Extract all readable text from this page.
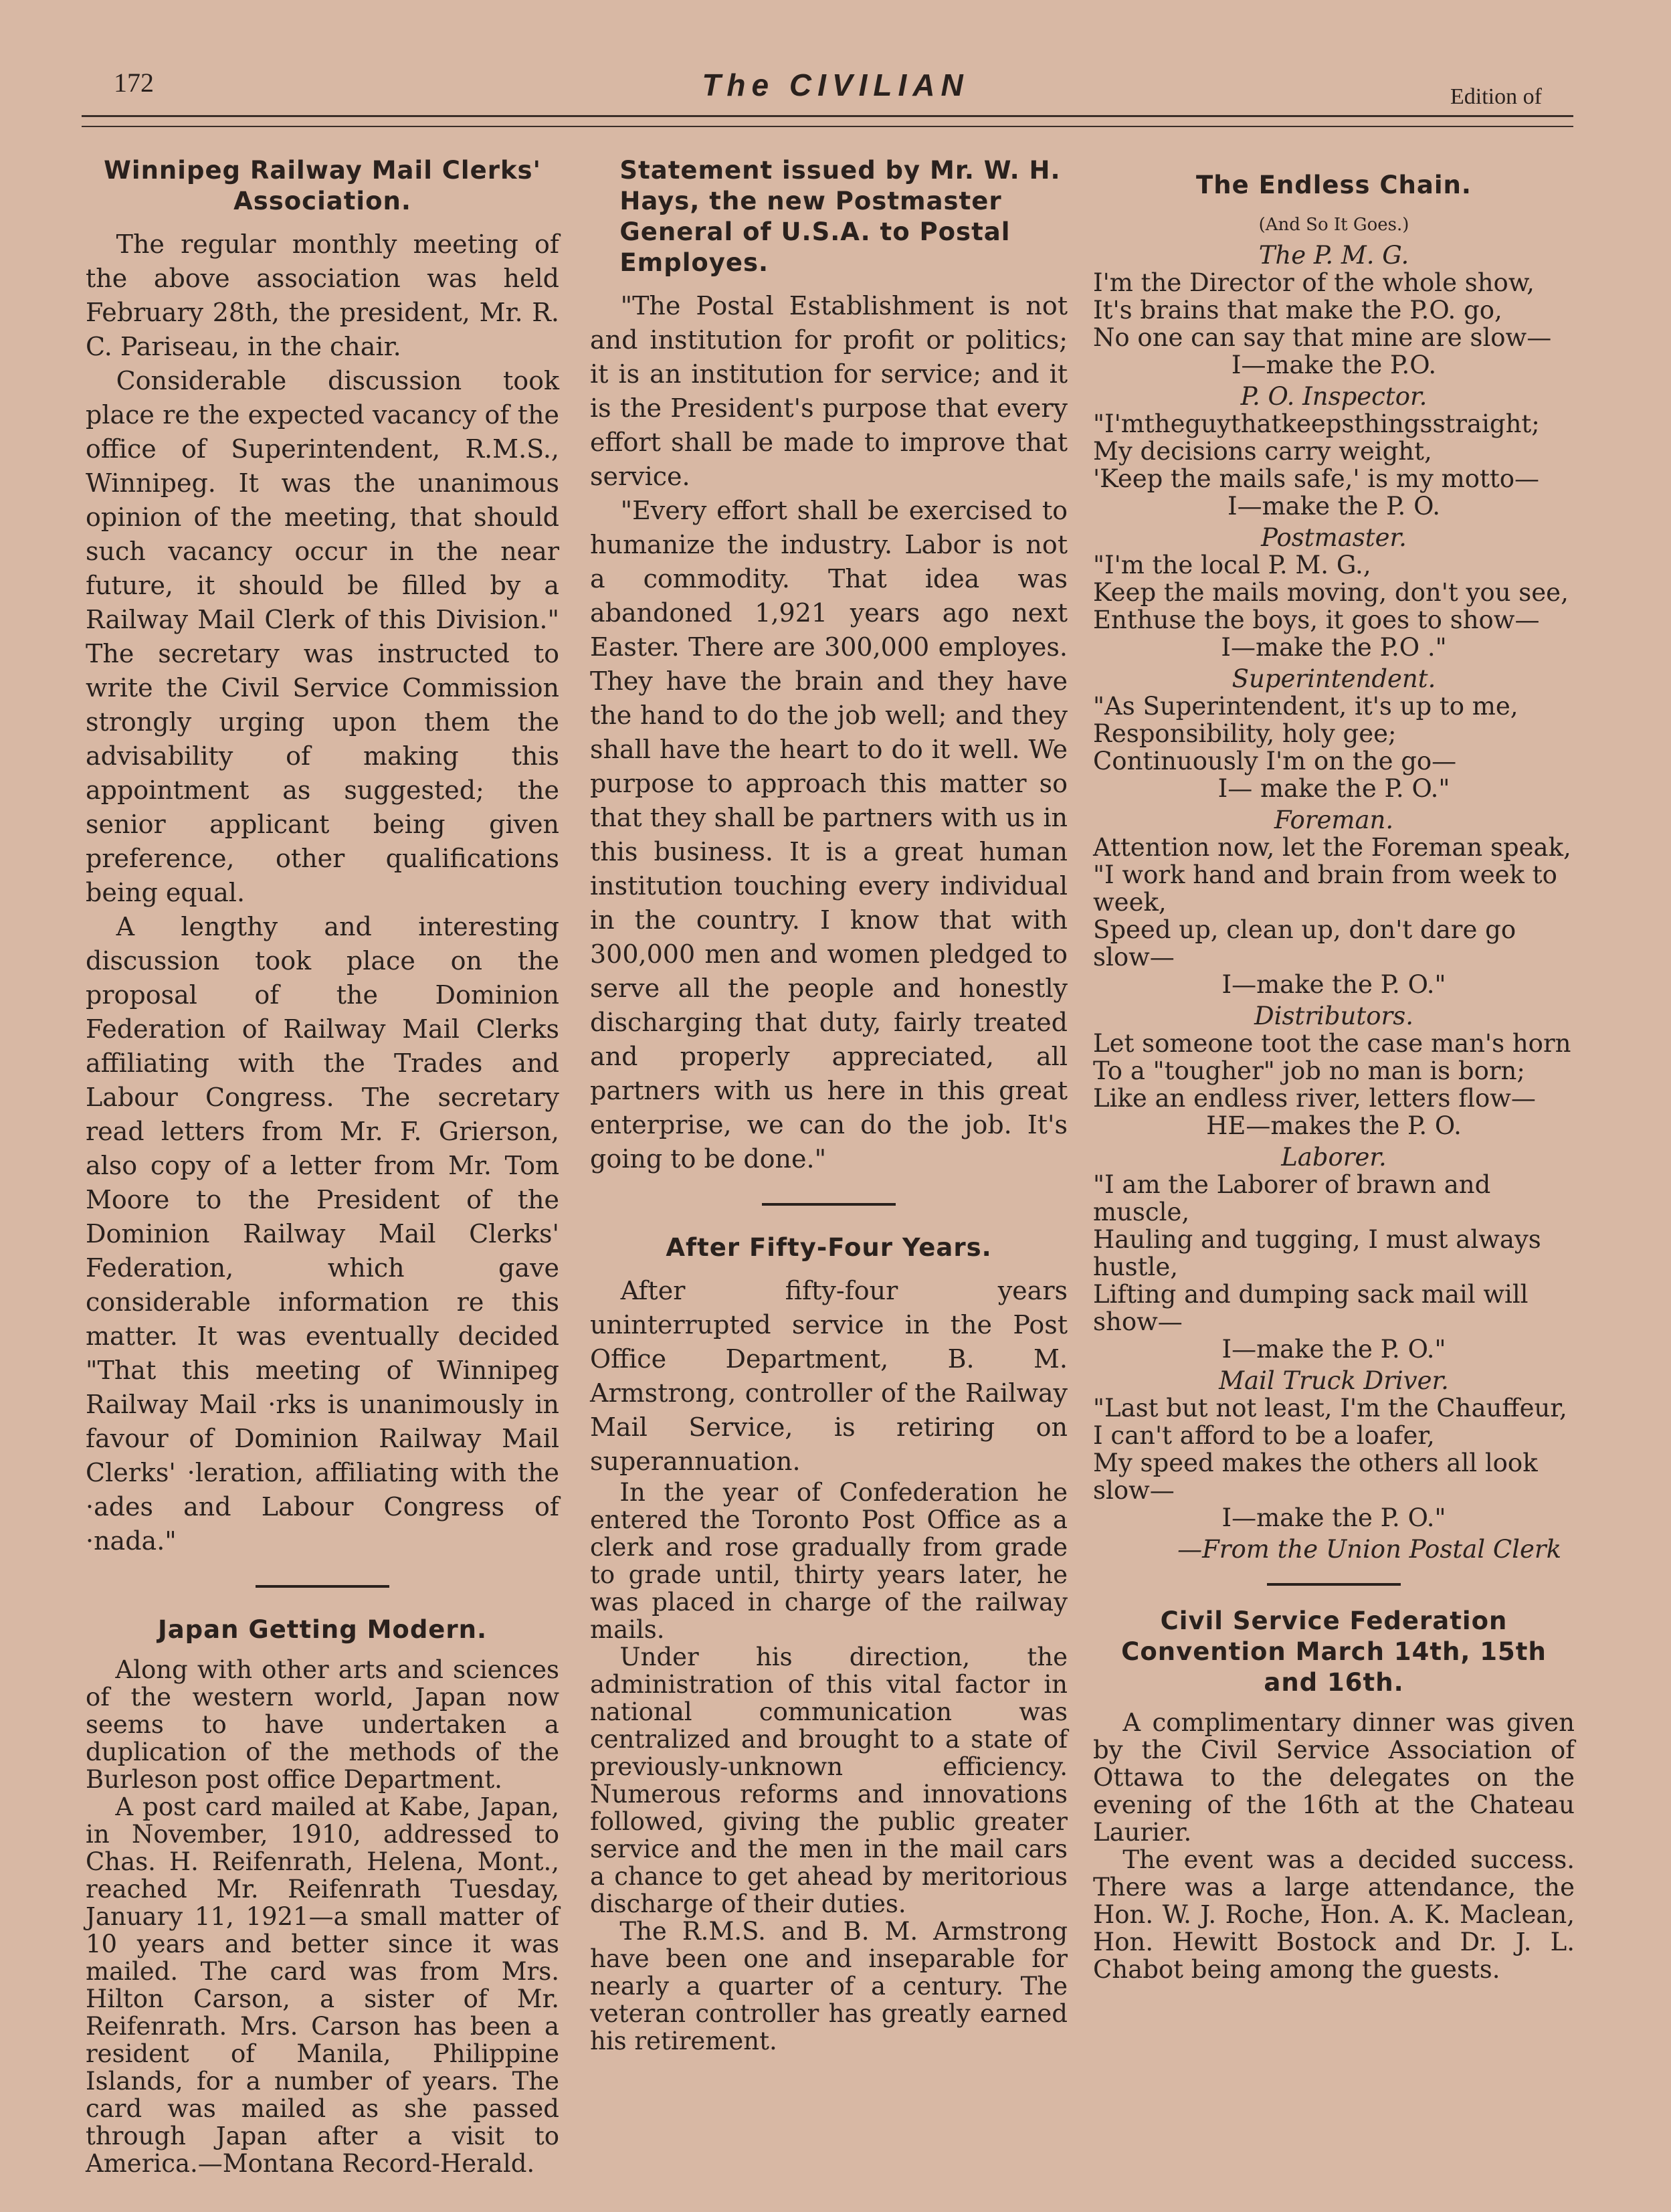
172	The CIVILIAN	Edition of
Winnipeg Railway Mail Clerks' Association.

The regular monthly meeting of the above association was held February 28th, the president, Mr. R. C. Pariseau, in the chair.

Considerable discussion took place re the expected vacancy of the office of Superintendent, R.M.S., Winnipeg. It was the unanimous opinion of the meeting, that should such vacancy occur in the near future, it should be filled by a Railway Mail Clerk of this Division." The secretary was instructed to write the Civil Service Commission strongly urging upon them the advisability of making this appointment as suggested; the senior applicant being given preference, other qualifications being equal.

A lengthy and interesting discussion took place on the proposal of the Dominion Federation of Railway Mail Clerks affiliating with the Trades and Labour Congress. The secretary read letters from Mr. F. Grierson, also copy of a letter from Mr. Tom Moore to the President of the Dominion Railway Mail Clerks' Federation, which gave considerable information re this matter. It was eventually decided "That this meeting of Winnipeg Railway Mail ·rks is unanimously in favour of Dominion Railway Mail Clerks' ·leration, affiliating with the ·ades and Labour Congress of ·nada."

Japan Getting Modern.

Along with other arts and sciences of the western world, Japan now seems to have undertaken a duplication of the methods of the Burleson post office Department.

A post card mailed at Kabe, Japan, in November, 1910, addressed to Chas. H. Reifenrath, Helena, Mont., reached Mr. Reifenrath Tuesday, January 11, 1921—a small matter of 10 years and better since it was mailed. The card was from Mrs. Hilton Carson, a sister of Mr. Reifenrath. Mrs. Carson has been a resident of Manila, Philippine Islands, for a number of years. The card was mailed as she passed through Japan after a visit to America.—Montana Record-Herald.

Statement issued by Mr. W. H. Hays, the new Postmaster General of U.S.A. to Postal Employes.

"The Postal Establishment is not and institution for profit or politics; it is an institution for service; and it is the President's purpose that every effort shall be made to improve that service.

"Every effort shall be exercised to humanize the industry. Labor is not a commodity. That idea was abandoned 1,921 years ago next Easter. There are 300,000 employes. They have the brain and they have the hand to do the job well; and they shall have the heart to do it well. We purpose to approach this matter so that they shall be partners with us in this business. It is a great human institution touching every individual in the country. I know that with 300,000 men and women pledged to serve all the people and honestly discharging that duty, fairly treated and properly appreciated, all partners with us here in this great enterprise, we can do the job. It's going to be done."

After Fifty-Four Years.

After fifty-four years uninterrupted service in the Post Office Department, B. M. Armstrong, controller of the Railway Mail Service, is retiring on superannuation.

In the year of Confederation he entered the Toronto Post Office as a clerk and rose gradually from grade to grade until, thirty years later, he was placed in charge of the railway mails.

Under his direction, the administration of this vital factor in national communication was centralized and brought to a state of previously-unknown efficiency. Numerous reforms and innovations followed, giving the public greater service and the men in the mail cars a chance to get ahead by meritorious discharge of their duties.

The R.M.S. and B. M. Armstrong have been one and inseparable for nearly a quarter of a century. The veteran controller has greatly earned his retirement.

The Endless Chain.
(And So It Goes.)
The P. M. G.
I'm the Director of the whole show,
It's brains that make the P.O. go,
No one can say that mine are slow—
I—make the P.O.
P. O. Inspector.
"I'mtheguythatkeepsthingsstraight;
My decisions carry weight,
'Keep the mails safe,' is my motto—
I—make the P. O.
Postmaster.
"I'm the local P. M. G.,
Keep the mails moving, don't you see,
Enthuse the boys, it goes to show—
I—make the P.O ."
Superintendent.
"As Superintendent, it's up to me,
Responsibility, holy gee;
Continuously I'm on the go—
I— make the P. O."
Foreman.
Attention now, let the Foreman speak,
"I work hand and brain from week to week,
Speed up, clean up, don't dare go slow—
I—make the P. O."
Distributors.
Let someone toot the case man's horn
To a "tougher" job no man is born;
Like an endless river, letters flow—
HE—makes the P. O.
Laborer.
"I am the Laborer of brawn and muscle,
Hauling and tugging, I must always hustle,
Lifting and dumping sack mail will show—
I—make the P. O."
Mail Truck Driver.
"Last but not least, I'm the Chauffeur,
I can't afford to be a loafer,
My speed makes the others all look slow—
I—make the P. O."
—From the Union Postal Clerk
Civil Service Federation Convention March 14th, 15th and 16th.

A complimentary dinner was given by the Civil Service Association of Ottawa to the delegates on the evening of the 16th at the Chateau Laurier.

The event was a decided success. There was a large attendance, the Hon. W. J. Roche, Hon. A. K. Maclean, Hon. Hewitt Bostock and Dr. J. L. Chabot being among the guests.
